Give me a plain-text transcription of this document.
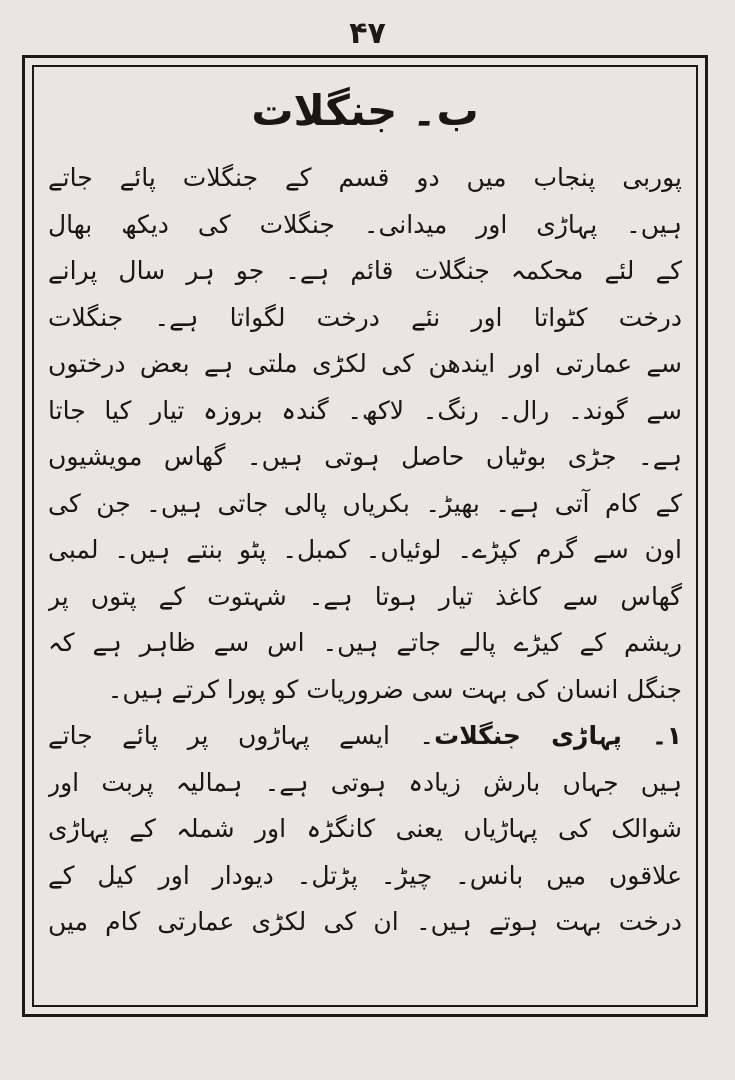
۴۷
ب۔ جنگلات
پوربی پنجاب میں دو قسم کے جنگلات پائے جاتے
ہیں۔ پہاڑی اور میدانی۔ جنگلات کی دیکھ بھال
کے لئے محکمہ جنگلات قائم ہے۔ جو ہر سال پرانے
درخت کٹواتا اور نئے درخت لگواتا ہے۔ جنگلات
سے عمارتی اور ایندھن کی لکڑی ملتی ہے بعض درختوں
سے گوند۔ رال۔ رنگ۔ لاکھ۔ گندہ بروزہ تیار کیا جاتا
ہے۔ جڑی بوٹیاں حاصل ہوتی ہیں۔ گھاس مویشیوں
کے کام آتی ہے۔ بھیڑ۔ بکریاں پالی جاتی ہیں۔ جن کی
اون سے گرم کپڑے۔ لوئیاں۔ کمبل۔ پٹو بنتے ہیں۔ لمبی
گھاس سے کاغذ تیار ہوتا ہے۔ شہتوت کے پتوں پر
ریشم کے کیڑے پالے جاتے ہیں۔ اس سے ظاہر ہے کہ
جنگل انسان کی بہت سی ضروریات کو پورا کرتے ہیں۔
۱۔ پہاڑی جنگلات۔ ایسے پہاڑوں پر پائے جاتے
ہیں جہاں بارش زیادہ ہوتی ہے۔ ہمالیہ پربت اور
شوالک کی پہاڑیاں یعنی کانگڑہ اور شملہ کے پہاڑی
علاقوں میں بانس۔ چیڑ۔ پڑتل۔ دیودار اور کیل کے
درخت بہت ہوتے ہیں۔ ان کی لکڑی عمارتی کام میں
